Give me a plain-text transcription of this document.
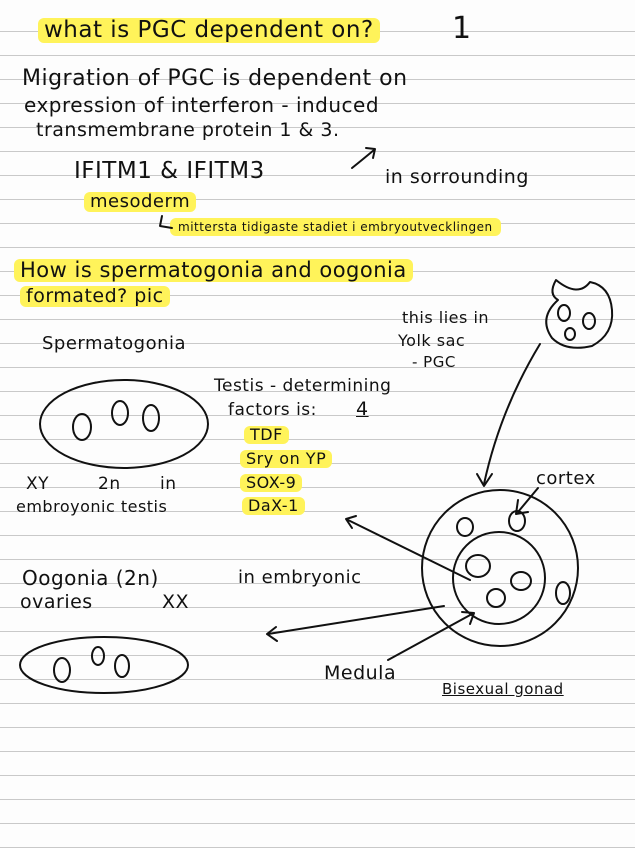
what is PGC dependent on?	1
Migration of PGC is dependent on
expression of interferon - induced
transmembrane protein 1 & 3.
IFITM1 & IFITM3	in sorrounding
mesoderm
mittersta tidigaste stadiet i embryoutvecklingen
How is spermatogonia and oogonia
formated? pic
this lies in
Yolk sac
- PGC
Spermatogonia
XY	2n in
embroyonic testis
Testis - determining
factors is: 4
TDF
Sry on YP
SOX-9
DaX-1
cortex
Medula
Bisexual gonad
Oogonia (2n)	in embryonic
ovaries	XX
